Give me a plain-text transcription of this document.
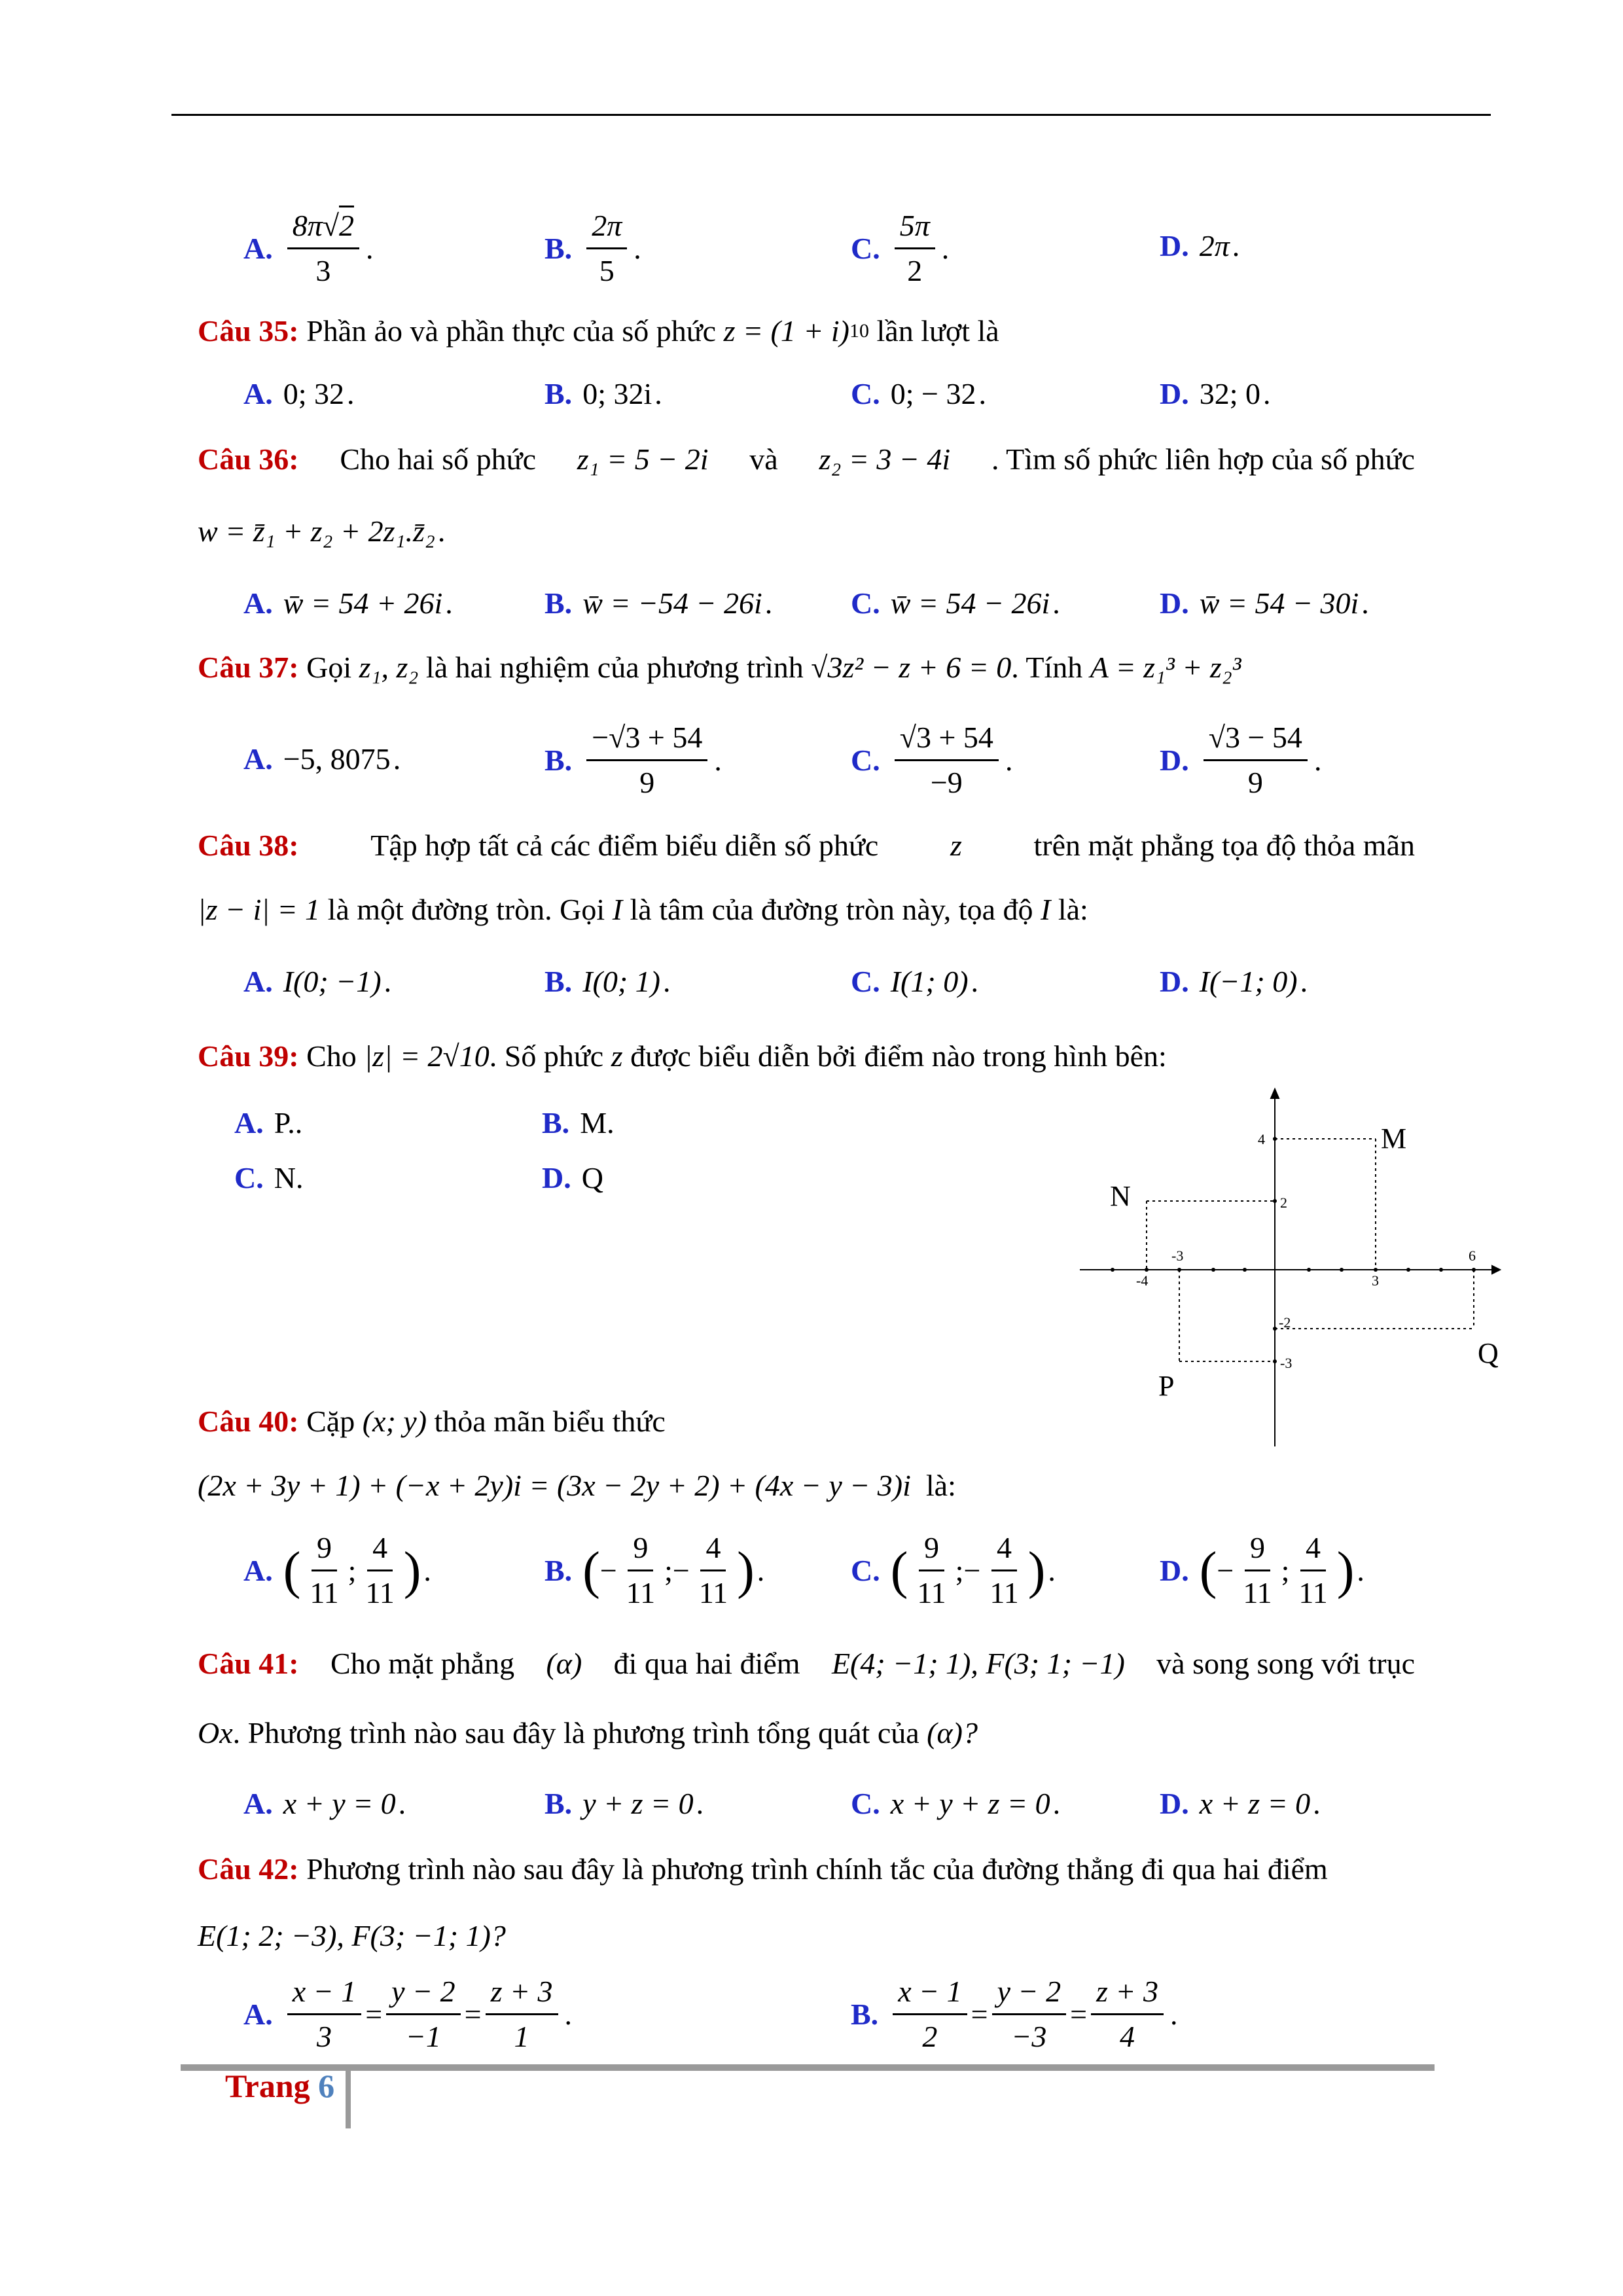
A. $\frac{8\pi√2}{3}$ .	B. $\frac{2\pi}{5}$ .	C. $\frac{5\pi}{2}$ .	D. 2π .
Câu 35:
Phần ảo và phần thực của số phức
z = (1 + i) 10
lần lượt là
A. 0; 32 .	B. 0; 32i .	C. 0; − 32 .	D. 32; 0 .
Câu 36: Cho hai số phức z₁ = 5 − 2i và z₂ = 3 − 4i . Tìm số phức liên hợp của số phức
w = z̄₁ + z₂ + 2z₁.z̄₂ .
A. w̄ = 54 + 26i .	B. w̄ = −54 − 26i .	C. w̄ = 54 − 26i .	D. w̄ = 54 − 30i .
Câu 37:
Gọi
z₁, z₂
là hai nghiệm của phương trình
√3z² − z + 6 = 0 . Tính
A = z₁³ + z₂³
A. −5, 8075 .	B. $\frac{-√3 + 54}{9}$ .	C. $\frac{√3 + 54}{-9}$ .	D. $\frac{√3 - 54}{9}$ .
Câu 38: Tập hợp tất cả các điểm biểu diễn số phức z trên mặt phẳng tọa độ thỏa mãn
|z − i| = 1
là một đường tròn. Gọi
I
là tâm của đường tròn này, tọa độ
I
là:
A. I(0; −1) .	B. I(0; 1) .	C. I(1; 0) .	D. I(−1; 0) .
Câu 39:
Cho
|z| = 2√10 . Số phức
z
được biểu diễn bởi điểm nào trong hình bên:
A. P..	B. M.
C. N.	D. Q
4
2
-3
-4	3
6
-2
-3
M
N
P
Q
Câu 40:
Cặp
(x; y)
thỏa mãn biểu thức
(2x + 3y + 1) + (−x + 2y)i = (3x − 2y + 2) + (4x − y − 3)i
là:
A. ( $\frac{9}{11}$ ; $\frac{4}{11}$ ) .	B. ( − $\frac{9}{11}$ ; − $\frac{4}{11}$ ) .	C. ( $\frac{9}{11}$ ; − $\frac{4}{11}$ ) .	D. ( − $\frac{9}{11}$ ; $\frac{4}{11}$ ) .
Câu 41: Cho mặt phẳng (α) đi qua hai điểm E(4; −1; 1), F(3; 1; −1) và song song với trục
Ox . Phương trình nào sau đây là phương trình tổng quát của
(α)?
A. x + y = 0 .	B. y + z = 0 .	C. x + y + z = 0 .	D. x + z = 0 .
Câu 42:
Phương trình nào sau đây là phương trình chính tắc của đường thẳng đi qua hai điểm
E(1; 2; −3), F(3; −1; 1)?
A. $\frac{x - 1}{3} = \frac{y - 2}{-1} = \frac{z + 3}{1}$ .	B. $\frac{x - 1}{2} = \frac{y - 2}{-3} = \frac{z + 3}{4}$ .
Trang 6
